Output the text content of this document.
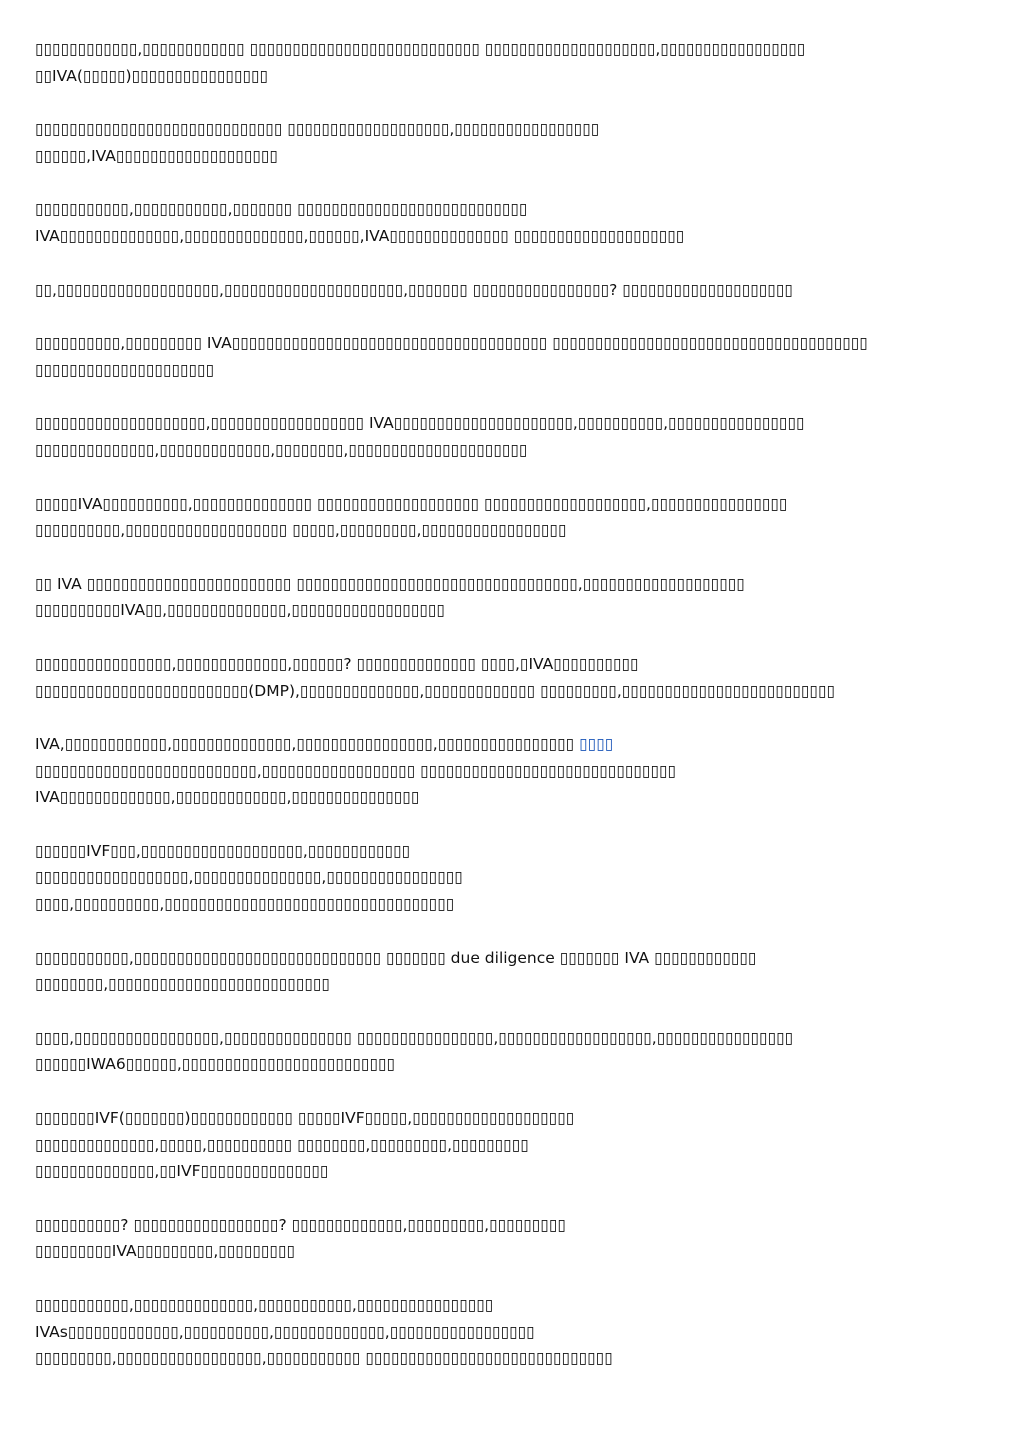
▯▯▯▯▯▯▯▯▯▯▯▯,▯▯▯▯▯▯▯▯▯▯▯▯ ▯▯▯▯▯▯▯▯▯▯▯▯▯▯▯▯▯▯▯▯▯▯▯▯▯▯▯ ▯▯▯▯▯▯▯▯▯▯▯▯▯▯▯▯▯▯▯▯,▯▯▯▯▯▯▯▯▯▯▯▯▯▯▯▯▯
▯▯IVA(▯▯▯▯▯)▯▯▯▯▯▯▯▯▯▯▯▯▯▯▯▯

▯▯▯▯▯▯▯▯▯▯▯▯▯▯▯▯▯▯▯▯▯▯▯▯▯▯▯▯▯ ▯▯▯▯▯▯▯▯▯▯▯▯▯▯▯▯▯▯▯,▯▯▯▯▯▯▯▯▯▯▯▯▯▯▯▯▯
▯▯▯▯▯▯,IVA▯▯▯▯▯▯▯▯▯▯▯▯▯▯▯▯▯▯▯

▯▯▯▯▯▯▯▯▯▯▯,▯▯▯▯▯▯▯▯▯▯▯,▯▯▯▯▯▯▯ ▯▯▯▯▯▯▯▯▯▯▯▯▯▯▯▯▯▯▯▯▯▯▯▯▯▯▯
IVA▯▯▯▯▯▯▯▯▯▯▯▯▯▯,▯▯▯▯▯▯▯▯▯▯▯▯▯▯,▯▯▯▯▯▯,IVA▯▯▯▯▯▯▯▯▯▯▯▯▯▯ ▯▯▯▯▯▯▯▯▯▯▯▯▯▯▯▯▯▯▯▯

▯▯,▯▯▯▯▯▯▯▯▯▯▯▯▯▯▯▯▯▯▯,▯▯▯▯▯▯▯▯▯▯▯▯▯▯▯▯▯▯▯▯▯,▯▯▯▯▯▯▯ ▯▯▯▯▯▯▯▯▯▯▯▯▯▯▯▯? ▯▯▯▯▯▯▯▯▯▯▯▯▯▯▯▯▯▯▯▯

▯▯▯▯▯▯▯▯▯▯,▯▯▯▯▯▯▯▯▯ IVA▯▯▯▯▯▯▯▯▯▯▯▯▯▯▯▯▯▯▯▯▯▯▯▯▯▯▯▯▯▯▯▯▯▯▯▯▯ ▯▯▯▯▯▯▯▯▯▯▯▯▯▯▯▯▯▯▯▯▯▯▯▯▯▯▯▯▯▯▯▯▯▯▯▯▯
▯▯▯▯▯▯▯▯▯▯▯▯▯▯▯▯▯▯▯▯▯

▯▯▯▯▯▯▯▯▯▯▯▯▯▯▯▯▯▯▯▯,▯▯▯▯▯▯▯▯▯▯▯▯▯▯▯▯▯▯ IVA▯▯▯▯▯▯▯▯▯▯▯▯▯▯▯▯▯▯▯▯▯,▯▯▯▯▯▯▯▯▯▯,▯▯▯▯▯▯▯▯▯▯▯▯▯▯▯▯
▯▯▯▯▯▯▯▯▯▯▯▯▯▯,▯▯▯▯▯▯▯▯▯▯▯▯▯,▯▯▯▯▯▯▯▯,▯▯▯▯▯▯▯▯▯▯▯▯▯▯▯▯▯▯▯▯▯

▯▯▯▯▯IVA▯▯▯▯▯▯▯▯▯▯,▯▯▯▯▯▯▯▯▯▯▯▯▯▯ ▯▯▯▯▯▯▯▯▯▯▯▯▯▯▯▯▯▯▯ ▯▯▯▯▯▯▯▯▯▯▯▯▯▯▯▯▯▯▯,▯▯▯▯▯▯▯▯▯▯▯▯▯▯▯▯
▯▯▯▯▯▯▯▯▯▯,▯▯▯▯▯▯▯▯▯▯▯▯▯▯▯▯▯▯▯ ▯▯▯▯▯,▯▯▯▯▯▯▯▯▯,▯▯▯▯▯▯▯▯▯▯▯▯▯▯▯▯▯

▯▯ IVA ▯▯▯▯▯▯▯▯▯▯▯▯▯▯▯▯▯▯▯▯▯▯▯▯ ▯▯▯▯▯▯▯▯▯▯▯▯▯▯▯▯▯▯▯▯▯▯▯▯▯▯▯▯▯▯▯▯▯,▯▯▯▯▯▯▯▯▯▯▯▯▯▯▯▯▯▯▯
▯▯▯▯▯▯▯▯▯▯IVA▯▯,▯▯▯▯▯▯▯▯▯▯▯▯▯▯,▯▯▯▯▯▯▯▯▯▯▯▯▯▯▯▯▯▯

▯▯▯▯▯▯▯▯▯▯▯▯▯▯▯▯,▯▯▯▯▯▯▯▯▯▯▯▯▯,▯▯▯▯▯▯? ▯▯▯▯▯▯▯▯▯▯▯▯▯▯ ▯▯▯▯,▯IVA▯▯▯▯▯▯▯▯▯▯
▯▯▯▯▯▯▯▯▯▯▯▯▯▯▯▯▯▯▯▯▯▯▯▯▯(DMP),▯▯▯▯▯▯▯▯▯▯▯▯▯▯,▯▯▯▯▯▯▯▯▯▯▯▯▯ ▯▯▯▯▯▯▯▯▯,▯▯▯▯▯▯▯▯▯▯▯▯▯▯▯▯▯▯▯▯▯▯▯▯▯

IVA,▯▯▯▯▯▯▯▯▯▯▯▯,▯▯▯▯▯▯▯▯▯▯▯▯▯▯,▯▯▯▯▯▯▯▯▯▯▯▯▯▯▯▯,▯▯▯▯▯▯▯▯▯▯▯▯▯▯▯▯ ▯▯▯▯
▯▯▯▯▯▯▯▯▯▯▯▯▯▯▯▯▯▯▯▯▯▯▯▯▯▯,▯▯▯▯▯▯▯▯▯▯▯▯▯▯▯▯▯▯ ▯▯▯▯▯▯▯▯▯▯▯▯▯▯▯▯▯▯▯▯▯▯▯▯▯▯▯▯▯▯
IVA▯▯▯▯▯▯▯▯▯▯▯▯▯,▯▯▯▯▯▯▯▯▯▯▯▯▯,▯▯▯▯▯▯▯▯▯▯▯▯▯▯▯

▯▯▯▯▯▯IVF▯▯▯,▯▯▯▯▯▯▯▯▯▯▯▯▯▯▯▯▯▯▯,▯▯▯▯▯▯▯▯▯▯▯▯
▯▯▯▯▯▯▯▯▯▯▯▯▯▯▯▯▯▯,▯▯▯▯▯▯▯▯▯▯▯▯▯▯▯,▯▯▯▯▯▯▯▯▯▯▯▯▯▯▯▯
▯▯▯▯,▯▯▯▯▯▯▯▯▯▯,▯▯▯▯▯▯▯▯▯▯▯▯▯▯▯▯▯▯▯▯▯▯▯▯▯▯▯▯▯▯▯▯▯▯

▯▯▯▯▯▯▯▯▯▯▯,▯▯▯▯▯▯▯▯▯▯▯▯▯▯▯▯▯▯▯▯▯▯▯▯▯▯▯▯▯ ▯▯▯▯▯▯▯ due diligence ▯▯▯▯▯▯▯ IVA ▯▯▯▯▯▯▯▯▯▯▯▯
▯▯▯▯▯▯▯▯,▯▯▯▯▯▯▯▯▯▯▯▯▯▯▯▯▯▯▯▯▯▯▯▯▯▯

▯▯▯▯,▯▯▯▯▯▯▯▯▯▯▯▯▯▯▯▯▯,▯▯▯▯▯▯▯▯▯▯▯▯▯▯▯ ▯▯▯▯▯▯▯▯▯▯▯▯▯▯▯▯,▯▯▯▯▯▯▯▯▯▯▯▯▯▯▯▯▯▯,▯▯▯▯▯▯▯▯▯▯▯▯▯▯▯▯
▯▯▯▯▯▯IWA6▯▯▯▯▯▯,▯▯▯▯▯▯▯▯▯▯▯▯▯▯▯▯▯▯▯▯▯▯▯▯▯

▯▯▯▯▯▯▯IVF(▯▯▯▯▯▯▯)▯▯▯▯▯▯▯▯▯▯▯▯ ▯▯▯▯▯IVF▯▯▯▯▯,▯▯▯▯▯▯▯▯▯▯▯▯▯▯▯▯▯▯▯
▯▯▯▯▯▯▯▯▯▯▯▯▯▯,▯▯▯▯▯,▯▯▯▯▯▯▯▯▯▯ ▯▯▯▯▯▯▯▯,▯▯▯▯▯▯▯▯▯,▯▯▯▯▯▯▯▯▯
▯▯▯▯▯▯▯▯▯▯▯▯▯▯,▯▯IVF▯▯▯▯▯▯▯▯▯▯▯▯▯▯▯

▯▯▯▯▯▯▯▯▯▯? ▯▯▯▯▯▯▯▯▯▯▯▯▯▯▯▯▯? ▯▯▯▯▯▯▯▯▯▯▯▯▯,▯▯▯▯▯▯▯▯▯,▯▯▯▯▯▯▯▯▯
▯▯▯▯▯▯▯▯▯IVA▯▯▯▯▯▯▯▯▯,▯▯▯▯▯▯▯▯▯

▯▯▯▯▯▯▯▯▯▯▯,▯▯▯▯▯▯▯▯▯▯▯▯▯▯,▯▯▯▯▯▯▯▯▯▯▯,▯▯▯▯▯▯▯▯▯▯▯▯▯▯▯▯
IVAs▯▯▯▯▯▯▯▯▯▯▯▯▯,▯▯▯▯▯▯▯▯▯▯,▯▯▯▯▯▯▯▯▯▯▯▯▯,▯▯▯▯▯▯▯▯▯▯▯▯▯▯▯▯▯
▯▯▯▯▯▯▯▯▯,▯▯▯▯▯▯▯▯▯▯▯▯▯▯▯▯▯,▯▯▯▯▯▯▯▯▯▯▯ ▯▯▯▯▯▯▯▯▯▯▯▯▯▯▯▯▯▯▯▯▯▯▯▯▯▯▯▯▯
